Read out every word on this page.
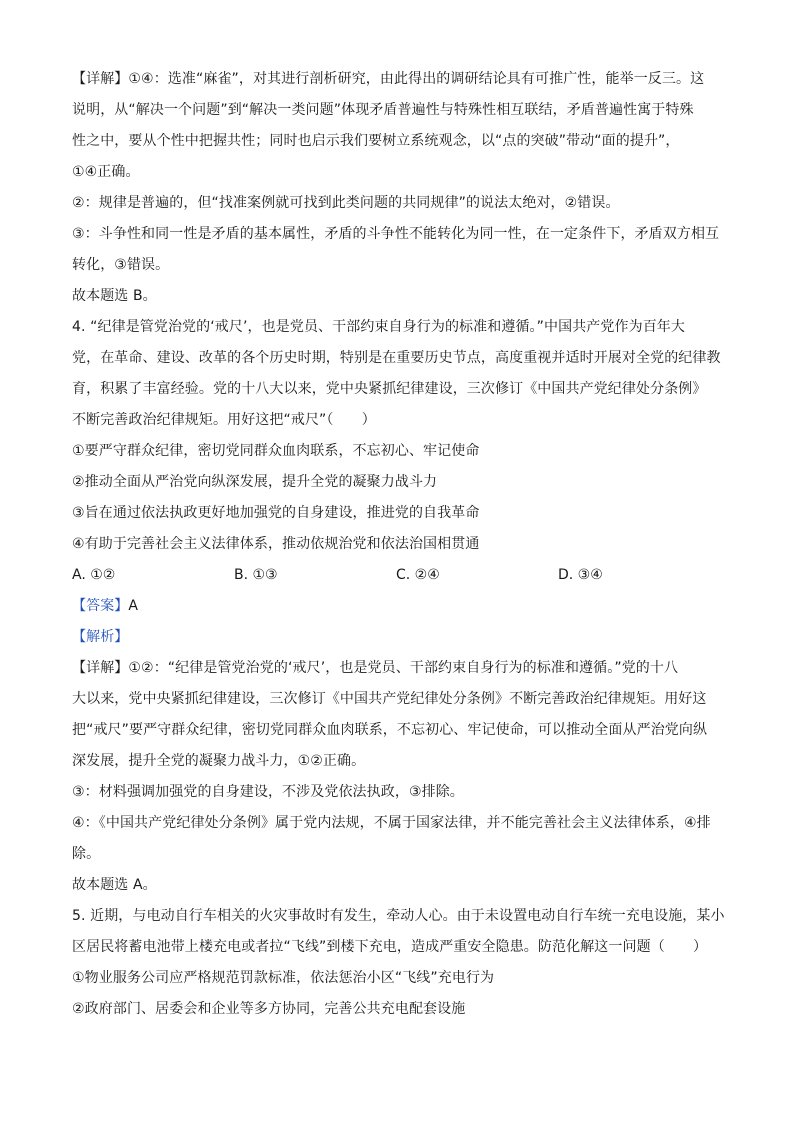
【详解】①④：选准“麻雀”，对其进行剖析研究，由此得出的调研结论具有可推广性，能举一反三。这
说明，从“解决一个问题”到“解决一类问题”体现矛盾普遍性与特殊性相互联结，矛盾普遍性寓于特殊
性之中，要从个性中把握共性；同时也启示我们要树立系统观念，以“点的突破”带动“面的提升”，
①④正确。
②：规律是普遍的，但“找准案例就可找到此类问题的共同规律”的说法太绝对，②错误。
③：斗争性和同一性是矛盾的基本属性，矛盾的斗争性不能转化为同一性，在一定条件下，矛盾双方相互
转化，③错误。
故本题选 B。
4. “纪律是管党治党的‘戒尺’，也是党员、干部约束自身行为的标准和遵循。”中国共产党作为百年大
党，在革命、建设、改革的各个历史时期，特别是在重要历史节点，高度重视并适时开展对全党的纪律教
育，积累了丰富经验。党的十八大以来，党中央紧抓纪律建设，三次修订《中国共产党纪律处分条例》
不断完善政治纪律规矩。用好这把“戒尺”（　　）
①要严守群众纪律，密切党同群众血肉联系，不忘初心、牢记使命
②推动全面从严治党向纵深发展，提升全党的凝聚力战斗力
③旨在通过依法执政更好地加强党的自身建设，推进党的自我革命
④有助于完善社会主义法律体系，推动依规治党和依法治国相贯通
A. ①②	B. ①③	C. ②④	D. ③④
【答案】A
【解析】
【详解】①②：“纪律是管党治党的‘戒尺’，也是党员、干部约束自身行为的标准和遵循。”党的十八
大以来，党中央紧抓纪律建设，三次修订《中国共产党纪律处分条例》不断完善政治纪律规矩。用好这
把“戒尺”要严守群众纪律，密切党同群众血肉联系，不忘初心、牢记使命，可以推动全面从严治党向纵
深发展，提升全党的凝聚力战斗力，①②正确。
③：材料强调加强党的自身建设，不涉及党依法执政，③排除。
④：《中国共产党纪律处分条例》属于党内法规，不属于国家法律，并不能完善社会主义法律体系，④排
除。
故本题选 A。
5. 近期，与电动自行车相关的火灾事故时有发生，牵动人心。由于未设置电动自行车统一充电设施，某小
区居民将蓄电池带上楼充电或者拉“飞线”到楼下充电，造成严重安全隐患。防范化解这一问题（　　）
①物业服务公司应严格规范罚款标准，依法惩治小区“飞线”充电行为
②政府部门、居委会和企业等多方协同，完善公共充电配套设施
